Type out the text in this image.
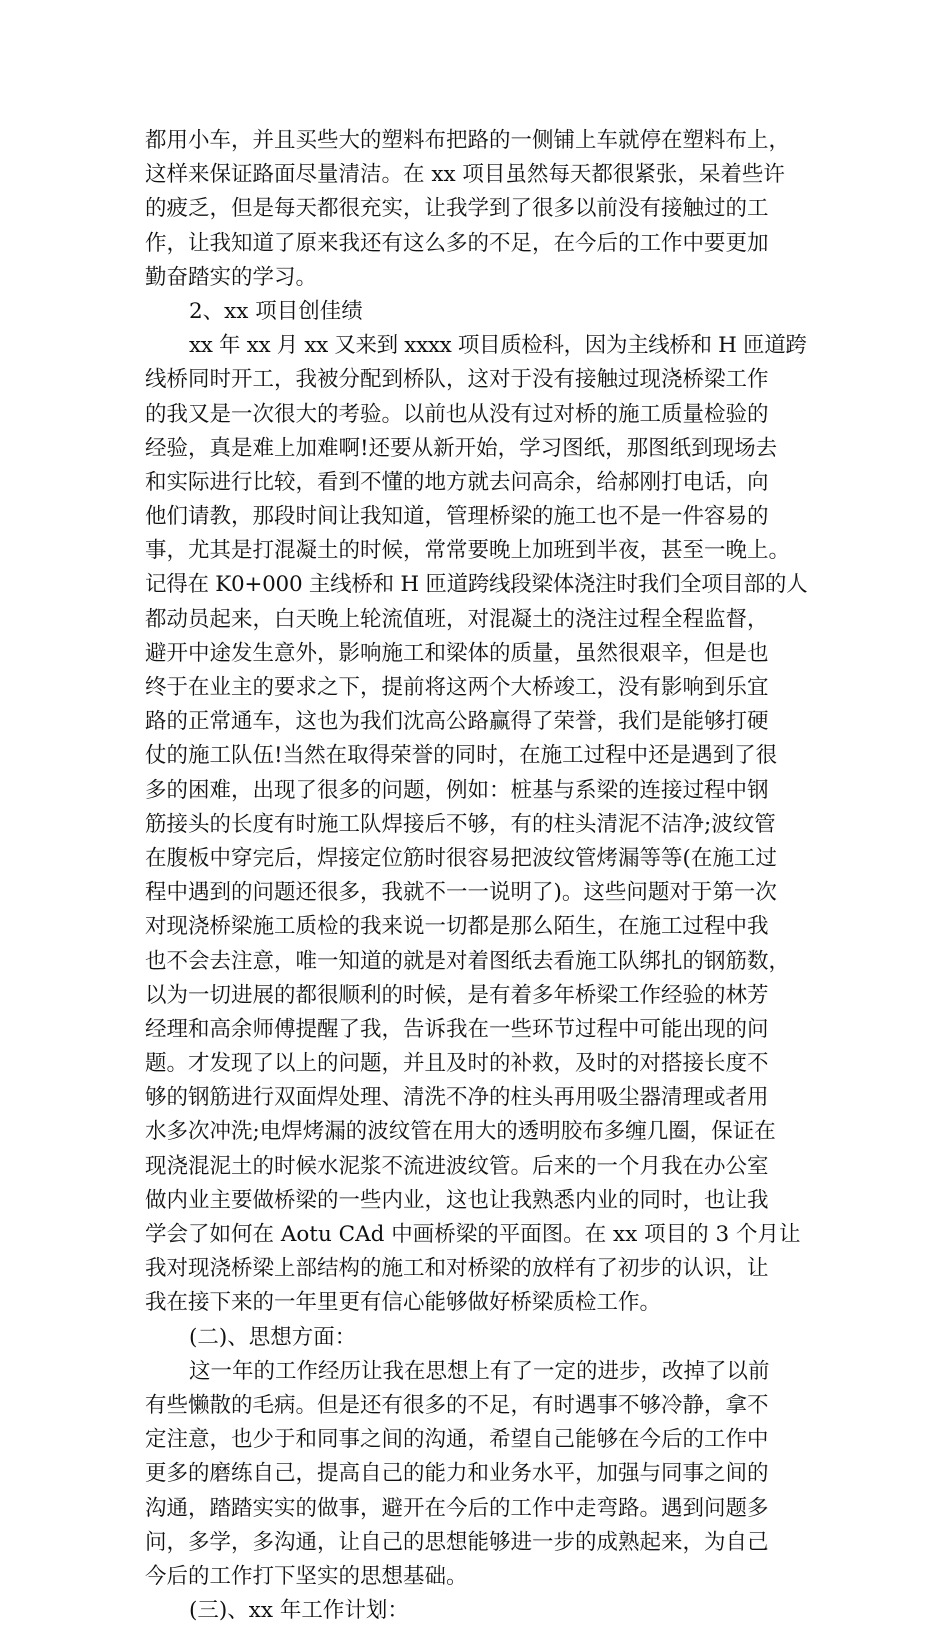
都用小车，并且买些大的塑料布把路的一侧铺上车就停在塑料布上，
这样来保证路面尽量清洁。在 xx 项目虽然每天都很紧张，呆着些许
的疲乏，但是每天都很充实，让我学到了很多以前没有接触过的工
作，让我知道了原来我还有这么多的不足，在今后的工作中要更加
勤奋踏实的学习。
2、xx 项目创佳绩
xx 年 xx 月 xx 又来到 xxxx 项目质检科，因为主线桥和 H 匝道跨
线桥同时开工，我被分配到桥队，这对于没有接触过现浇桥梁工作
的我又是一次很大的考验。以前也从没有过对桥的施工质量检验的
经验，真是难上加难啊!还要从新开始，学习图纸，那图纸到现场去
和实际进行比较，看到不懂的地方就去问高余，给郝刚打电话，向
他们请教，那段时间让我知道，管理桥梁的施工也不是一件容易的
事，尤其是打混凝土的时候，常常要晚上加班到半夜，甚至一晚上。
记得在 K0+000 主线桥和 H 匝道跨线段梁体浇注时我们全项目部的人
都动员起来，白天晚上轮流值班，对混凝土的浇注过程全程监督，
避开中途发生意外，影响施工和梁体的质量，虽然很艰辛，但是也
终于在业主的要求之下，提前将这两个大桥竣工，没有影响到乐宜
路的正常通车，这也为我们沈高公路赢得了荣誉，我们是能够打硬
仗的施工队伍!当然在取得荣誉的同时，在施工过程中还是遇到了很
多的困难，出现了很多的问题，例如：桩基与系梁的连接过程中钢
筋接头的长度有时施工队焊接后不够，有的柱头清泥不洁净;波纹管
在腹板中穿完后，焊接定位筋时很容易把波纹管烤漏等等(在施工过
程中遇到的问题还很多，我就不一一说明了)。这些问题对于第一次
对现浇桥梁施工质检的我来说一切都是那么陌生，在施工过程中我
也不会去注意，唯一知道的就是对着图纸去看施工队绑扎的钢筋数，
以为一切进展的都很顺利的时候，是有着多年桥梁工作经验的林芳
经理和高余师傅提醒了我，告诉我在一些环节过程中可能出现的问
题。才发现了以上的问题，并且及时的补救，及时的对搭接长度不
够的钢筋进行双面焊处理、清洗不净的柱头再用吸尘器清理或者用
水多次冲洗;电焊烤漏的波纹管在用大的透明胶布多缠几圈，保证在
现浇混泥土的时候水泥浆不流进波纹管。后来的一个月我在办公室
做内业主要做桥梁的一些内业，这也让我熟悉内业的同时，也让我
学会了如何在 Aotu CAd 中画桥梁的平面图。在 xx 项目的 3 个月让
我对现浇桥梁上部结构的施工和对桥梁的放样有了初步的认识，让
我在接下来的一年里更有信心能够做好桥梁质检工作。
(二)、思想方面：
这一年的工作经历让我在思想上有了一定的进步，改掉了以前
有些懒散的毛病。但是还有很多的不足，有时遇事不够冷静，拿不
定注意，也少于和同事之间的沟通，希望自己能够在今后的工作中
更多的磨练自己，提高自己的能力和业务水平，加强与同事之间的
沟通，踏踏实实的做事，避开在今后的工作中走弯路。遇到问题多
问，多学，多沟通，让自己的思想能够进一步的成熟起来，为自己
今后的工作打下坚实的思想基础。
(三)、xx 年工作计划：
